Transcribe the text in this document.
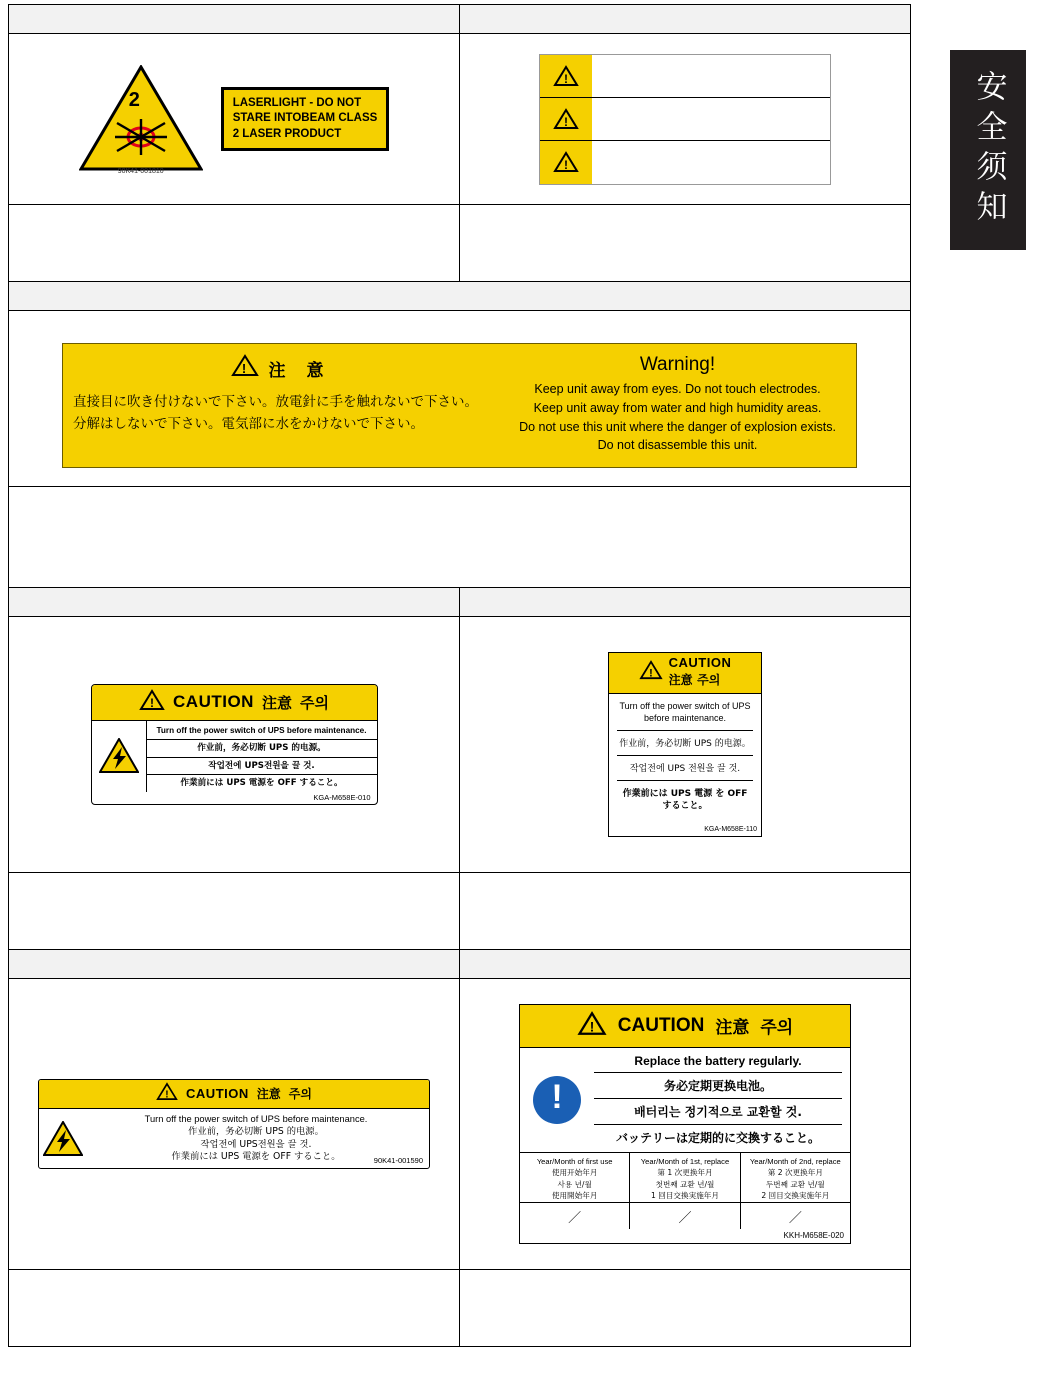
安全须知

2
90K41-001810
LASERLIGHT - DO NOT
STARE INTOBEAM CLASS
2 LASER PRODUCT

!
!
!

! 注　意
直接目に吹き付けないで下さい。放電針に手を触れないで下さい。
分解はしないで下さい。電気部に水をかけないで下さい。
Warning!
Keep unit away from eyes. Do not touch electrodes.
Keep unit away from water and high humidity areas.
Do not use this unit where the danger of explosion exists.
Do not disassemble this unit.

! CAUTION 注意 주의
Turn off the power switch of UPS before maintenance.
作业前，务必切断 UPS 的电源。
작업전에 UPS전원을 끌 것.
作業前には UPS 電源を OFF すること。
KGA-M658E-010

!
CAUTION
注意 주의
Turn off the power switch of UPS before maintenance.
作业前，务必切断 UPS 的电源。
작업전에 UPS 전원을 끌 것.
作業前には UPS 電源 を OFF すること。
KGA-M658E-110

! CAUTION 注意 주의
Turn off the power switch of UPS before maintenance.
作业前，务必切断 UPS 的电源。
작업전에 UPS전원을 끌 것.
作業前には UPS 電源を OFF すること。	90K41-001590

! CAUTION 注意 주의
!
Replace the battery regularly.
务必定期更换电池。
배터리는 정기적으로 교환할 것.
バッテリーは定期的に交換すること。
Year/Month of first use
使用开始年月
사용 년/월
使用開始年月
Year/Month of 1st, replace
第 1 次更换年月
첫번째 교환 년/월
1 回目交換実施年月
Year/Month of 2nd, replace
第 2 次更换年月
두번째 교환 년/월
2 回目交換実施年月
／	／	／
KKH-M658E-020
